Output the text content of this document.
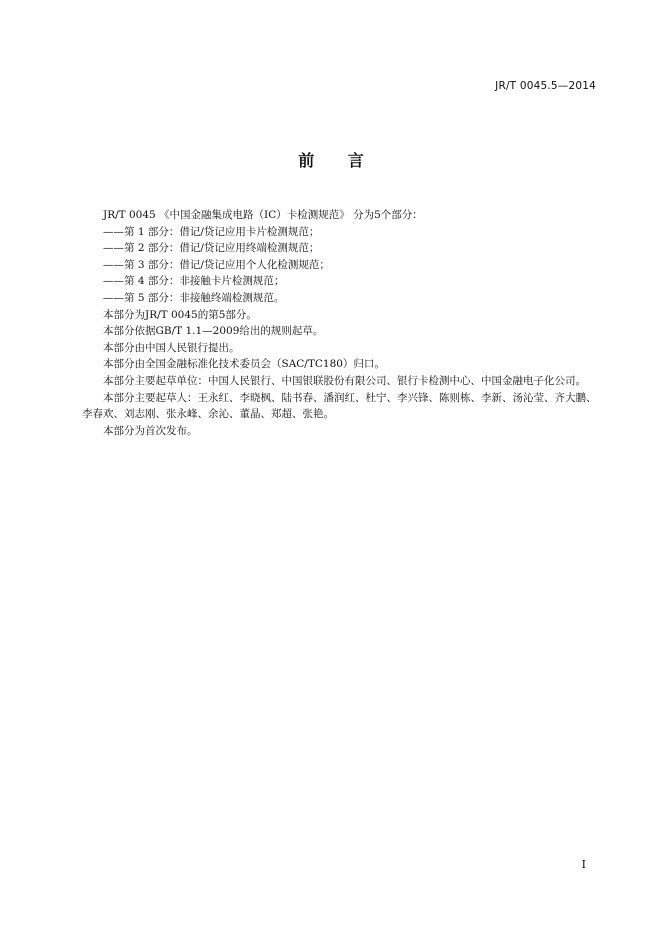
JR/T 0045.5—2014
前 言

JR/T 0045 《中国金融集成电路（IC）卡检测规范》 分为5个部分：

——第 1 部分：借记/贷记应用卡片检测规范；

——第 2 部分：借记/贷记应用终端检测规范；

——第 3 部分：借记/贷记应用个人化检测规范；

——第 4 部分：非接触卡片检测规范；

——第 5 部分：非接触终端检测规范。

本部分为JR/T 0045的第5部分。

本部分依据GB/T 1.1—2009给出的规则起草。

本部分由中国人民银行提出。

本部分由全国金融标准化技术委员会（SAC/TC180）归口。

本部分主要起草单位：中国人民银行、中国银联股份有限公司、银行卡检测中心、中国金融电子化公司。

本部分主要起草人：王永红、李晓枫、陆书春、潘润红、杜宁、李兴锋、陈则栋、李新、汤沁莹、齐大鹏、李春欢、刘志刚、张永峰、余沁、董晶、郑超、张艳。

本部分为首次发布。

I
